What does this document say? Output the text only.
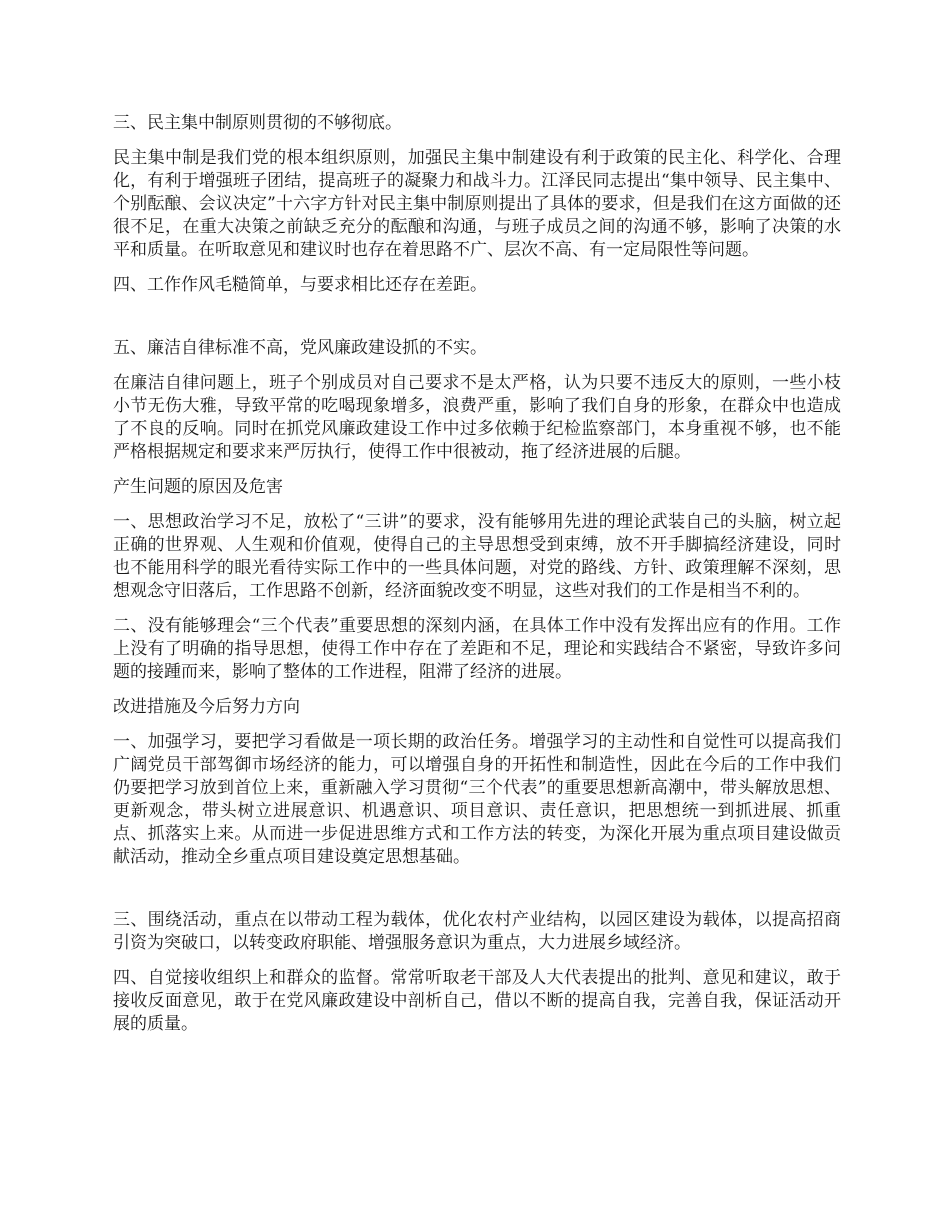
三、民主集中制原则贯彻的不够彻底。

民主集中制是我们党的根本组织原则，加强民主集中制建设有利于政策的民主化、科学化、合理化，有利于增强班子团结，提高班子的凝聚力和战斗力。江泽民同志提出“集中领导、民主集中、个别酝酿、会议决定”十六字方针对民主集中制原则提出了具体的要求，但是我们在这方面做的还很不足，在重大决策之前缺乏充分的酝酿和沟通，与班子成员之间的沟通不够，影响了决策的水平和质量。在听取意见和建议时也存在着思路不广、层次不高、有一定局限性等问题。

四、工作作风毛糙简单，与要求相比还存在差距。

五、廉洁自律标准不高，党风廉政建设抓的不实。

在廉洁自律问题上，班子个别成员对自己要求不是太严格，认为只要不违反大的原则，一些小枝小节无伤大雅，导致平常的吃喝现象增多，浪费严重，影响了我们自身的形象，在群众中也造成了不良的反响。同时在抓党风廉政建设工作中过多依赖于纪检监察部门，本身重视不够，也不能严格根据规定和要求来严厉执行，使得工作中很被动，拖了经济进展的后腿。

产生问题的原因及危害

一、思想政治学习不足，放松了“三讲”的要求，没有能够用先进的理论武装自己的头脑，树立起正确的世界观、人生观和价值观，使得自己的主导思想受到束缚，放不开手脚搞经济建设，同时也不能用科学的眼光看待实际工作中的一些具体问题，对党的路线、方针、政策理解不深刻，思想观念守旧落后，工作思路不创新，经济面貌改变不明显，这些对我们的工作是相当不利的。

二、没有能够理会“三个代表”重要思想的深刻内涵，在具体工作中没有发挥出应有的作用。工作上没有了明确的指导思想，使得工作中存在了差距和不足，理论和实践结合不紧密，导致许多问题的接踵而来，影响了整体的工作进程，阻滞了经济的进展。

改进措施及今后努力方向

一、加强学习，要把学习看做是一项长期的政治任务。增强学习的主动性和自觉性可以提高我们广阔党员干部驾御市场经济的能力，可以增强自身的开拓性和制造性，因此在今后的工作中我们仍要把学习放到首位上来，重新融入学习贯彻“三个代表”的重要思想新高潮中，带头解放思想、更新观念，带头树立进展意识、机遇意识、项目意识、责任意识，把思想统一到抓进展、抓重点、抓落实上来。从而进一步促进思维方式和工作方法的转变，为深化开展为重点项目建设做贡献活动，推动全乡重点项目建设奠定思想基础。

三、围绕活动，重点在以带动工程为载体，优化农村产业结构，以园区建设为载体，以提高招商引资为突破口，以转变政府职能、增强服务意识为重点，大力进展乡域经济。

四、自觉接收组织上和群众的监督。常常听取老干部及人大代表提出的批判、意见和建议，敢于接收反面意见，敢于在党风廉政建设中剖析自己，借以不断的提高自我，完善自我，保证活动开展的质量。
